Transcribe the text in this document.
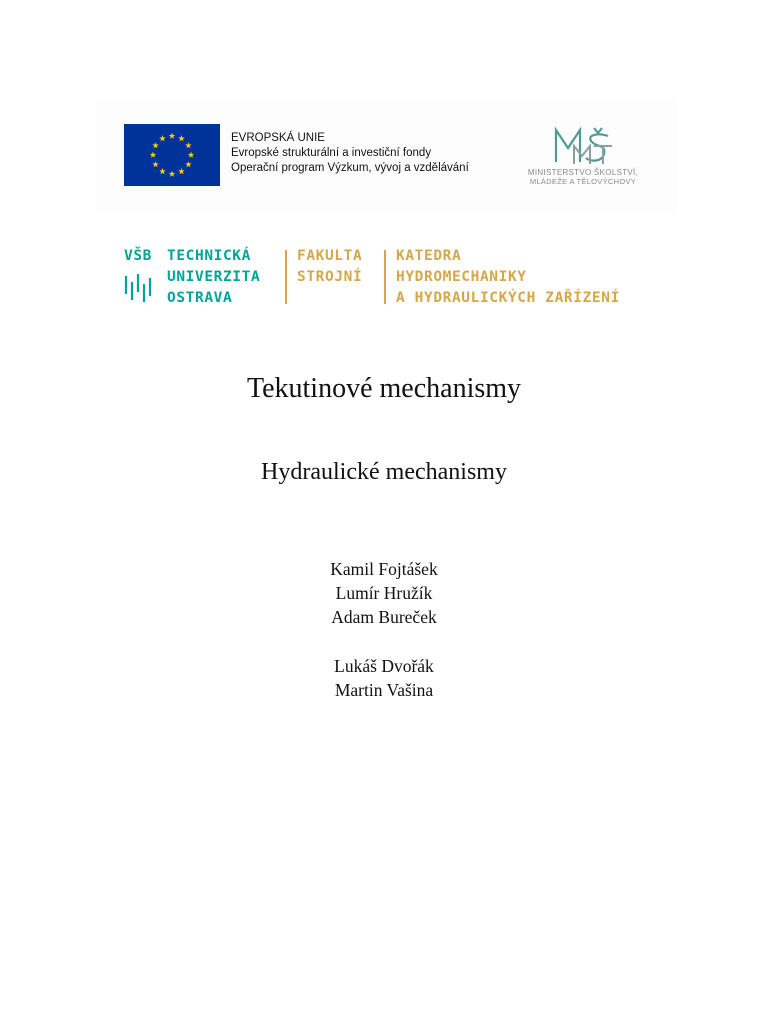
EVROPSKÁ UNIE
Evropské strukturální a investiční fondy
Operační program Výzkum, vývoj a vzdělávání	MINISTERSTVO ŠKOLSTVÍ,
MLÁDEŽE A TĚLOVÝCHOVY
VŠB TECHNICKÁ
UNIVERZITA
OSTRAVA
FAKULTA
STROJNÍ
KATEDRA
HYDROMECHANIKY
A HYDRAULICKÝCH ZAŘÍZENÍ
Tekutinové mechanismy
Hydraulické mechanismy
Kamil Fojtášek
Lumír Hružík
Adam Bureček
Lukáš Dvořák
Martin Vašina
